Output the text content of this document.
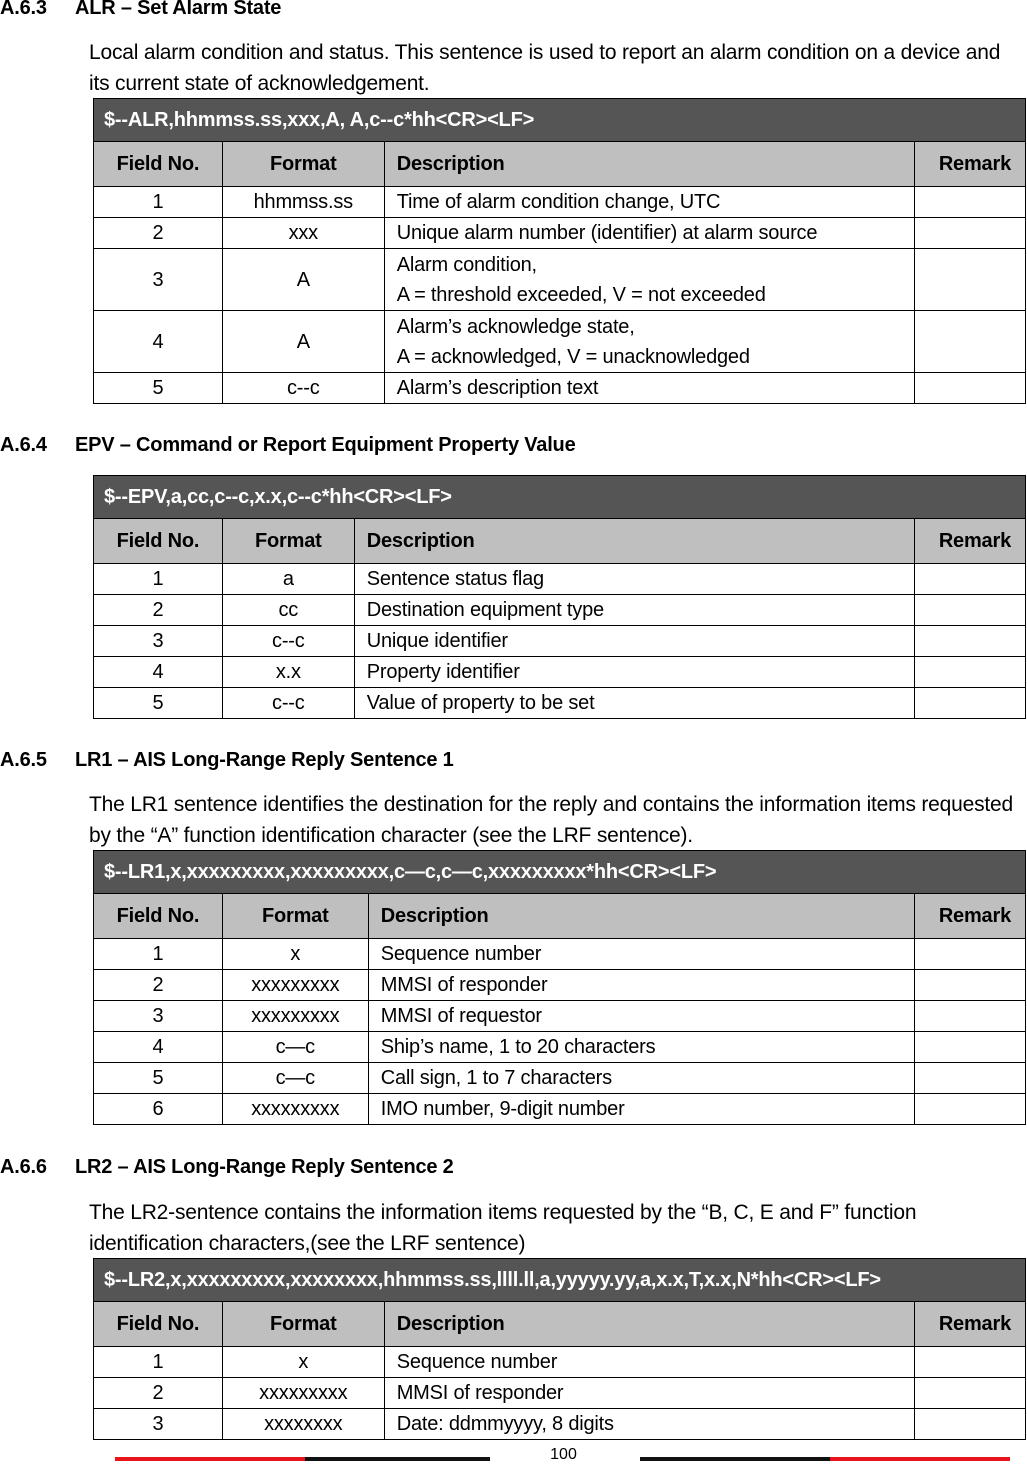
A.6.3 ALR – Set Alarm State
Local alarm condition and status. This sentence is used to report an alarm condition on a device and its current state of acknowledgement.
$--ALR,hhmmss.ss,xxx,A, A,c--c*hh<CR><LF>			
Field No.	Format	Description	Remark
1	hhmmss.ss	Time of alarm condition change, UTC	
2	xxx	Unique alarm number (identifier) at alarm source	
3	A	Alarm condition,
A = threshold exceeded, V = not exceeded	

4	A	Alarm’s acknowledge state,
A = acknowledged, V = unacknowledged	

5	c--c	Alarm’s description text	
A.6.4 EPV – Command or Report Equipment Property Value
$--EPV,a,cc,c--c,x.x,c--c*hh<CR><LF>			
Field No.	Format	Description	Remark
1	a	Sentence status flag	
2	cc	Destination equipment type	
3	c--c	Unique identifier	
4	x.x	Property identifier	
5	c--c	Value of property to be set	
A.6.5 LR1 – AIS Long-Range Reply Sentence 1
The LR1 sentence identifies the destination for the reply and contains the information items requested by the “A” function identification character (see the LRF sentence).
$--LR1,x,xxxxxxxxx,xxxxxxxxx,c—c,c—c,xxxxxxxxx*hh<CR><LF>			
Field No.	Format	Description	Remark
1	x	Sequence number	
2	xxxxxxxxx	MMSI of responder	
3	xxxxxxxxx	MMSI of requestor	
4	c—c	Ship’s name, 1 to 20 characters	
5	c—c	Call sign, 1 to 7 characters	
6	xxxxxxxxx	IMO number, 9-digit number	
A.6.6 LR2 – AIS Long-Range Reply Sentence 2
The LR2-sentence contains the information items requested by the “B, C, E and F” function identification characters,(see the LRF sentence)
$--LR2,x,xxxxxxxxx,xxxxxxxx,hhmmss.ss,llll.ll,a,yyyyy.yy,a,x.x,T,x.x,N*hh<CR><LF>			
Field No.	Format	Description	Remark
1	x	Sequence number	
2	xxxxxxxxx	MMSI of responder	
3	xxxxxxxx	Date: ddmmyyyy, 8 digits	
100
